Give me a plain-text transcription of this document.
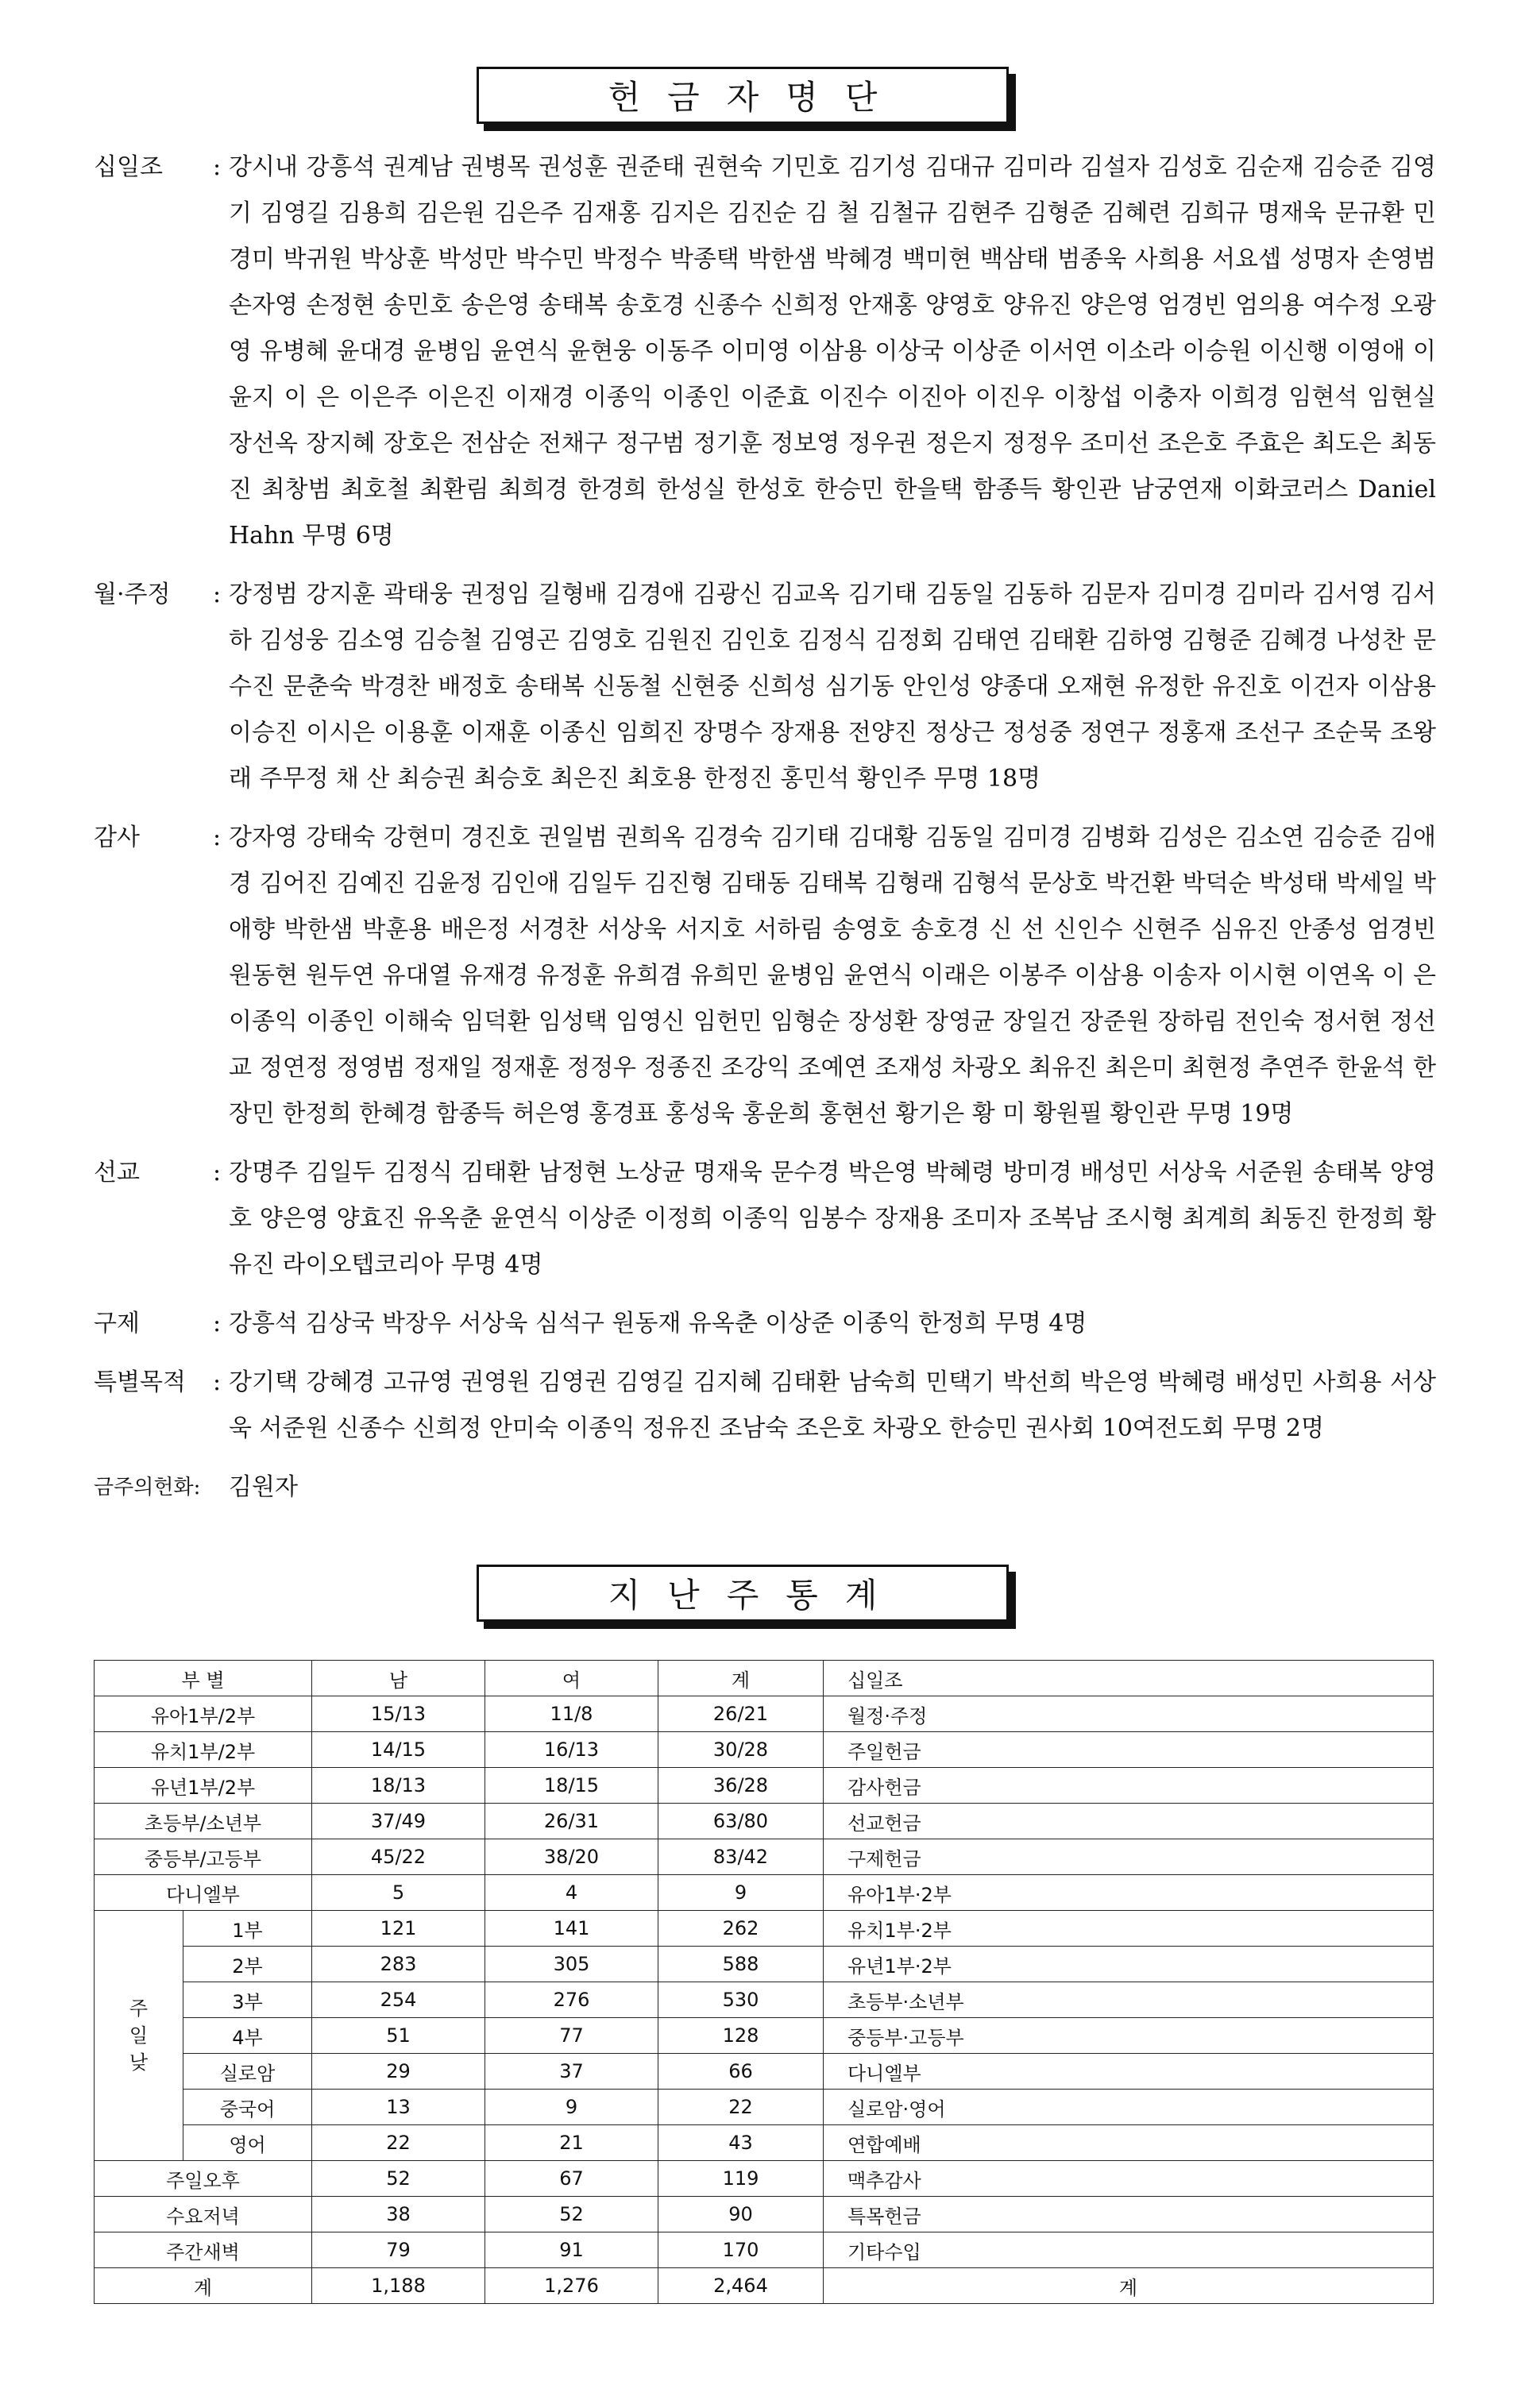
헌금자명단
십일조 : 강시내 강흥석 권계남 권병목 권성훈 권준태 권현숙 기민호 김기성 김대규 김미라 김설자 김성호 김순재 김승준 김영기 김영길 김용희 김은원 김은주 김재홍 김지은 김진순 김 철 김철규 김현주 김형준 김혜련 김희규 명재욱 문규환 민경미 박귀원 박상훈 박성만 박수민 박정수 박종택 박한샘 박혜경 백미현 백삼태 범종욱 사희용 서요셉 성명자 손영범 손자영 손정현 송민호 송은영 송태복 송호경 신종수 신희정 안재홍 양영호 양유진 양은영 엄경빈 엄의용 여수정 오광영 유병혜 윤대경 윤병임 윤연식 윤현웅 이동주 이미영 이삼용 이상국 이상준 이서연 이소라 이승원 이신행 이영애 이윤지 이 은 이은주 이은진 이재경 이종익 이종인 이준효 이진수 이진아 이진우 이창섭 이충자 이희경 임현석 임현실 장선옥 장지혜 장호은 전삼순 전채구 정구범 정기훈 정보영 정우권 정은지 정정우 조미선 조은호 주효은 최도은 최동진 최창범 최호철 최환림 최희경 한경희 한성실 한성호 한승민 한을택 함종득 황인관 남궁연재 이화코러스 Daniel Hahn 무명 6명
월·주정 : 강정범 강지훈 곽태웅 권정임 길형배 김경애 김광신 김교옥 김기태 김동일 김동하 김문자 김미경 김미라 김서영 김서하 김성웅 김소영 김승철 김영곤 김영호 김원진 김인호 김정식 김정회 김태연 김태환 김하영 김형준 김혜경 나성찬 문수진 문춘숙 박경찬 배정호 송태복 신동철 신현중 신희성 심기동 안인성 양종대 오재현 유정한 유진호 이건자 이삼용 이승진 이시은 이용훈 이재훈 이종신 임희진 장명수 장재용 전양진 정상근 정성중 정연구 정홍재 조선구 조순묵 조왕래 주무정 채 산 최승권 최승호 최은진 최호용 한정진 홍민석 황인주 무명 18명
감사	: 강자영 강태숙 강현미 경진호 권일범 권희옥 김경숙 김기태 김대황 김동일 김미경 김병화 김성은 김소연 김승준 김애경 김어진 김예진 김윤정 김인애 김일두 김진형 김태동 김태복 김형래 김형석 문상호 박건환 박덕순 박성태 박세일 박애향 박한샘 박훈용 배은정 서경찬 서상욱 서지호 서하림 송영호 송호경 신 선 신인수 신현주 심유진 안종성 엄경빈 원동현 원두연 유대열 유재경 유정훈 유희겸 유희민 윤병임 윤연식 이래은 이봉주 이삼용 이송자 이시현 이연옥 이 은 이종익 이종인 이해숙 임덕환 임성택 임영신 임헌민 임형순 장성환 장영균 장일건 장준원 장하림 전인숙 정서현 정선교 정연정 정영범 정재일 정재훈 정정우 정종진 조강익 조예연 조재성 차광오 최유진 최은미 최현정 추연주 한윤석 한장민 한정희 한혜경 함종득 허은영 홍경표 홍성욱 홍운희 홍현선 황기은 황 미 황원필 황인관 무명 19명
선교	: 강명주 김일두 김정식 김태환 남정현 노상균 명재욱 문수경 박은영 박혜령 방미경 배성민 서상욱 서준원 송태복 양영호 양은영 양효진 유옥춘 윤연식 이상준 이정희 이종익 임봉수 장재용 조미자 조복남 조시형 최계희 최동진 한정희 황유진 라이오텝코리아 무명 4명
구제	: 강흥석 김상국 박장우 서상욱 심석구 원동재 유옥춘 이상준 이종익 한정희 무명 4명
특별목적 : 강기택 강혜경 고규영 권영원 김영권 김영길 김지혜 김태환 남숙희 민택기 박선희 박은영 박혜령 배성민 사희용 서상욱 서준원 신종수 신희정 안미숙 이종익 정유진 조남숙 조은호 차광오 한승민 권사회 10여전도회 무명 2명
금주의헌화:	김원자
지난주통계
부 별		남	여	계	십일조

유아1부/2부		15/13	11/8	26/21	월정·주정

유치1부/2부		14/15	16/13	30/28	주일헌금

유년1부/2부		18/13	18/15	36/28	감사헌금

초등부/소년부		37/49	26/31	63/80	선교헌금

중등부/고등부		45/22	38/20	83/42	구제헌금

다니엘부		5	4	9	유아1부·2부

주
일
낮	1부	121	141	262	유치1부·2부

	2부	283	305	588	유년1부·2부

	3부	254	276	530	초등부·소년부

	4부	51	77	128	중등부·고등부

	실로암	29	37	66	다니엘부

	중국어	13	9	22	실로암·영어

	영어	22	21	43	연합예배

주일오후		52	67	119	맥추감사

수요저녁		38	52	90	특목헌금

주간새벽		79	91	170	기타수입

계		1,188	1,276	2,464	계	
